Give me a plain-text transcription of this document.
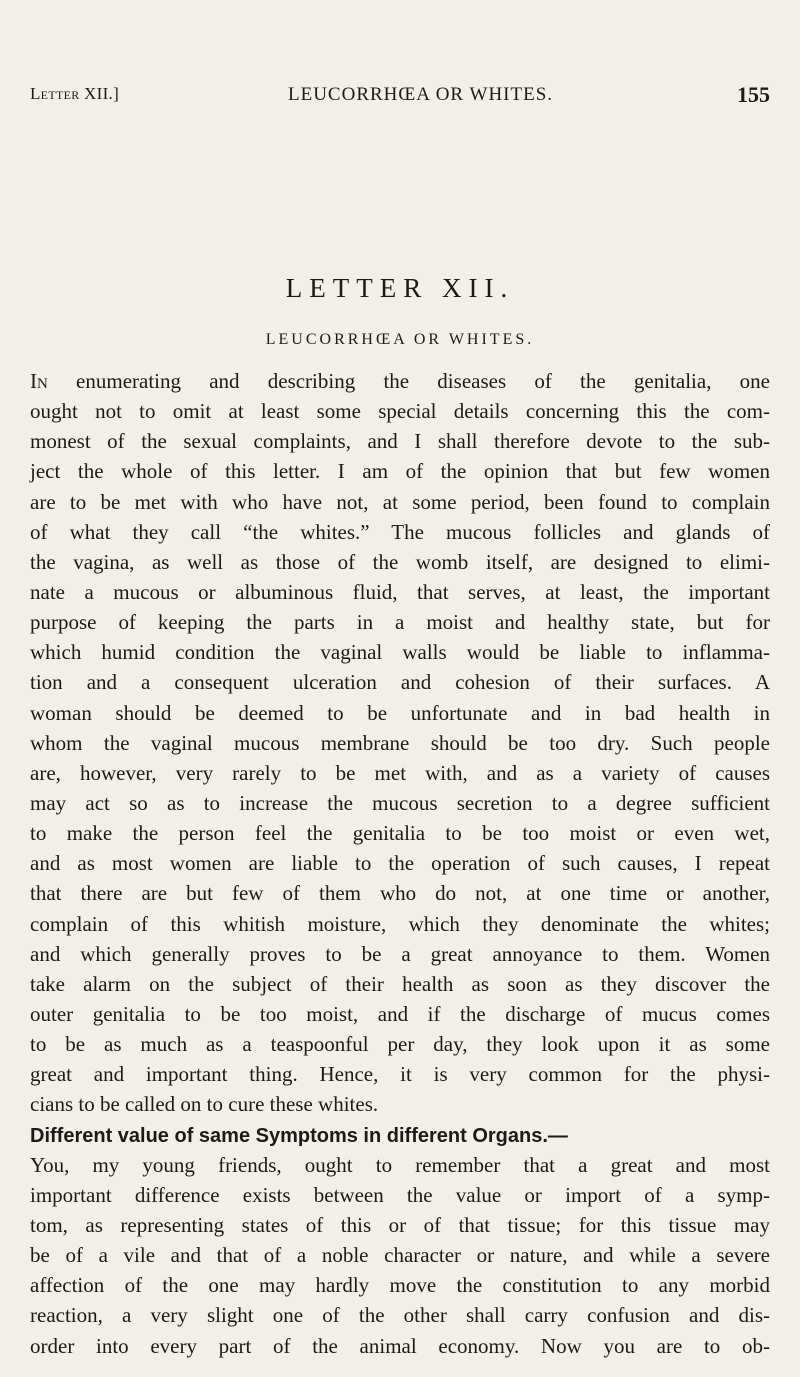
Letter XII.]	LEUCORRHŒA OR WHITES.	155
LETTER XII.
LEUCORRHŒA OR WHITES.
In enumerating and describing the diseases of the genitalia, one
ought not to omit at least some special details concerning this the com-
monest of the sexual complaints, and I shall therefore devote to the sub-
ject the whole of this letter. I am of the opinion that but few women
are to be met with who have not, at some period, been found to complain
of what they call “the whites.” The mucous follicles and glands of
the vagina, as well as those of the womb itself, are designed to elimi-
nate a mucous or albuminous fluid, that serves, at least, the important
purpose of keeping the parts in a moist and healthy state, but for
which humid condition the vaginal walls would be liable to inflamma-
tion and a consequent ulceration and cohesion of their surfaces. A
woman should be deemed to be unfortunate and in bad health in
whom the vaginal mucous membrane should be too dry. Such people
are, however, very rarely to be met with, and as a variety of causes
may act so as to increase the mucous secretion to a degree sufficient
to make the person feel the genitalia to be too moist or even wet,
and as most women are liable to the operation of such causes, I repeat
that there are but few of them who do not, at one time or another,
complain of this whitish moisture, which they denominate the whites;
and which generally proves to be a great annoyance to them. Women
take alarm on the subject of their health as soon as they discover the
outer genitalia to be too moist, and if the discharge of mucus comes
to be as much as a teaspoonful per day, they look upon it as some
great and important thing. Hence, it is very common for the physi-
cians to be called on to cure these whites.
Different value of same Symptoms in different Organs.—
You, my young friends, ought to remember that a great and most
important difference exists between the value or import of a symp-
tom, as representing states of this or of that tissue; for this tissue may
be of a vile and that of a noble character or nature, and while a severe
affection of the one may hardly move the constitution to any morbid
reaction, a very slight one of the other shall carry confusion and dis-
order into every part of the animal economy. Now you are to ob-
